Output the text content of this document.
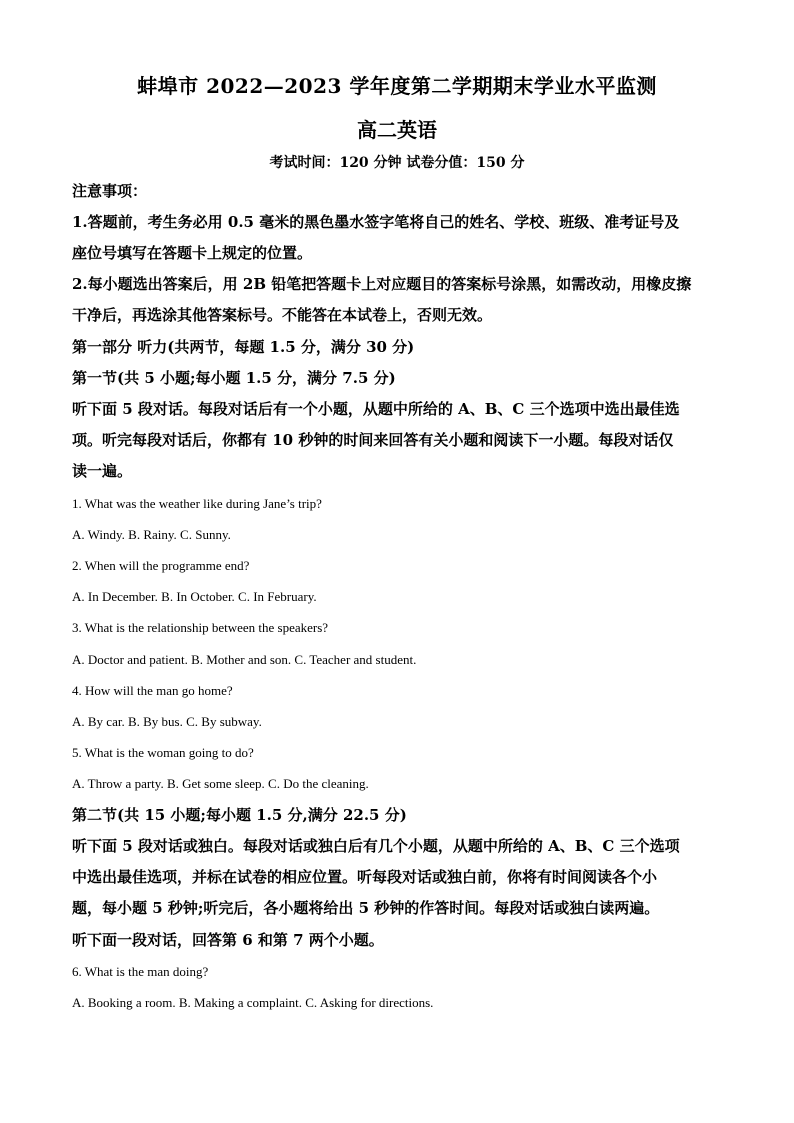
蚌埠市 2022—2023 学年度第二学期期末学业水平监测
高二英语
考试时间：120 分钟 试卷分值：150 分
注意事项：
1.答题前，考生务必用 0.5 毫米的黑色墨水签字笔将自己的姓名、学校、班级、准考证号及
座位号填写在答题卡上规定的位置。
2.每小题选出答案后，用 2B 铅笔把答题卡上对应题目的答案标号涂黑，如需改动，用橡皮擦
干净后，再选涂其他答案标号。不能答在本试卷上，否则无效。
第一部分 听力(共两节，每题 1.5 分，满分 30 分)
第一节(共 5 小题;每小题 1.5 分，满分 7.5 分)
听下面 5 段对话。每段对话后有一个小题，从题中所给的 A、B、C 三个选项中选出最佳选
项。听完每段对话后，你都有 10 秒钟的时间来回答有关小题和阅读下一小题。每段对话仅
读一遍。
1. What was the weather like during Jane’s trip?
A. Windy. B. Rainy. C. Sunny.
2. When will the programme end?
A. In December. B. In October. C. In February.
3. What is the relationship between the speakers?
A. Doctor and patient. B. Mother and son. C. Teacher and student.
4. How will the man go home?
A. By car. B. By bus. C. By subway.
5. What is the woman going to do?
A. Throw a party. B. Get some sleep. C. Do the cleaning.
第二节(共 15 小题;每小题 1.5 分,满分 22.5 分)
听下面 5 段对话或独白。每段对话或独白后有几个小题，从题中所给的 A、B、C 三个选项
中选出最佳选项，并标在试卷的相应位置。听每段对话或独白前，你将有时间阅读各个小
题，每小题 5 秒钟;听完后，各小题将给出 5 秒钟的作答时间。每段对话或独白读两遍。
听下面一段对话，回答第 6 和第 7 两个小题。
6. What is the man doing?
A. Booking a room. B. Making a complaint. C. Asking for directions.
